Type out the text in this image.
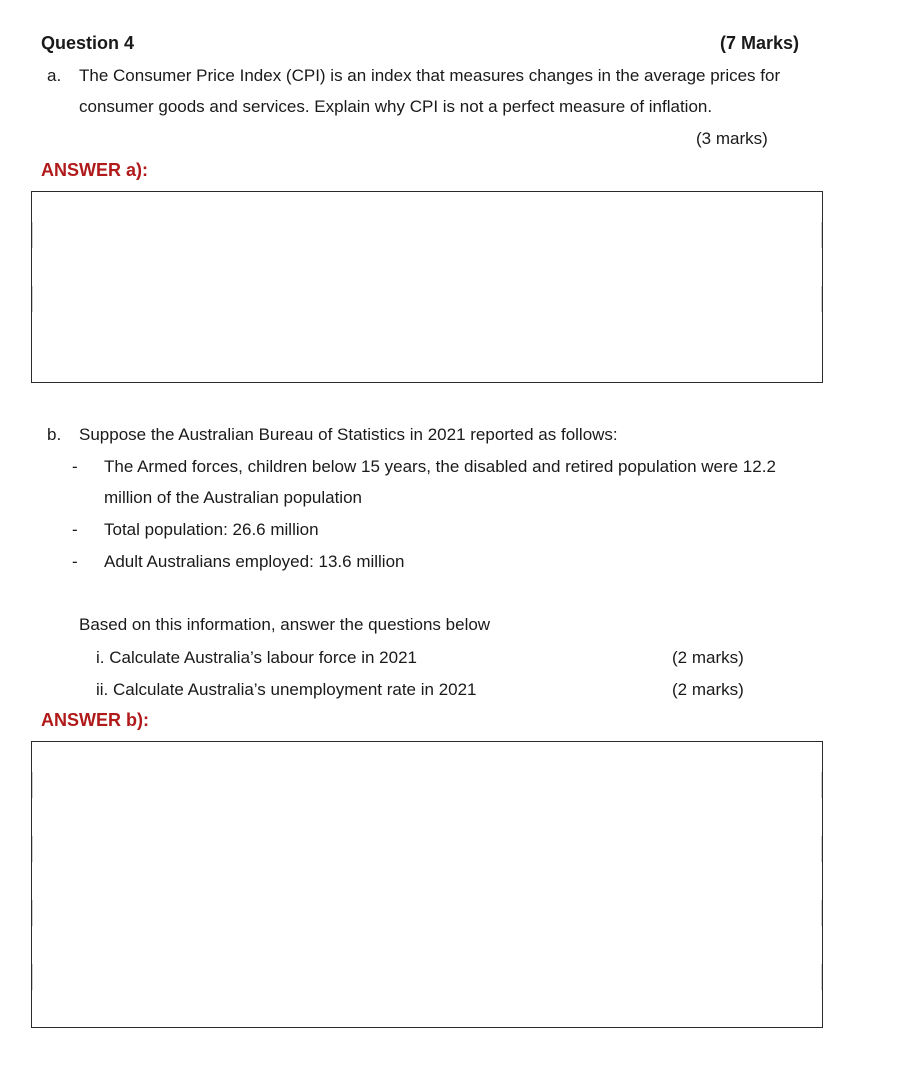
Question 4	(7 Marks)
a. The Consumer Price Index (CPI) is an index that measures changes in the average prices for
consumer goods and services. Explain why CPI is not a perfect measure of inflation.
(3 marks)
ANSWER a):
b. Suppose the Australian Bureau of Statistics in 2021 reported as follows:
- The Armed forces, children below 15 years, the disabled and retired population were 12.2
million of the Australian population
- Total population: 26.6 million
- Adult Australians employed: 13.6 million
Based on this information, answer the questions below
i. Calculate Australia’s labour force in 2021	(2 marks)
ii. Calculate Australia’s unemployment rate in 2021	(2 marks)
ANSWER b):
